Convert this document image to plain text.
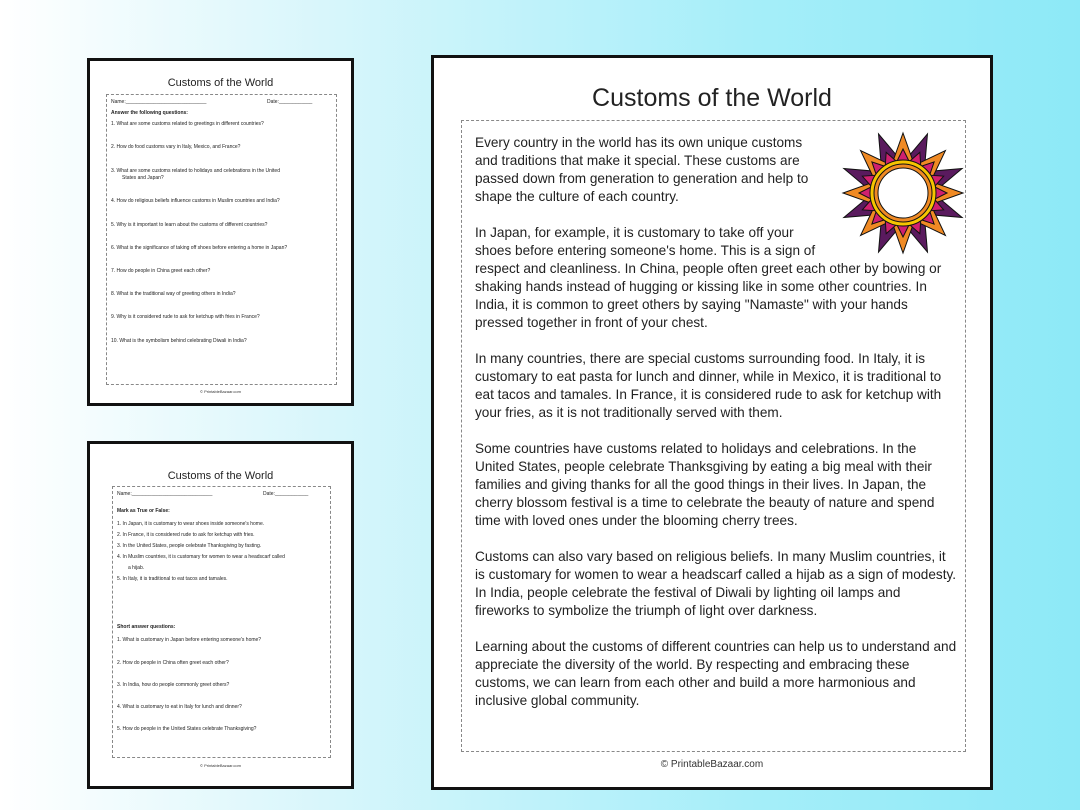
Customs of the World
Name:_____________________________	Date:____________
Answer the following questions:
1. What are some customs related to greetings in different countries?
2. How do food customs vary in Italy, Mexico, and France?
3. What are some customs related to holidays and celebrations in the United
States and Japan?
4. How do religious beliefs influence customs in Muslim countries and India?
5. Why is it important to learn about the customs of different countries?
6. What is the significance of taking off shoes before entering a home in Japan?
7. How do people in China greet each other?
8. What is the traditional way of greeting others in India?
9. Why is it considered rude to ask for ketchup with fries in France?
10. What is the symbolism behind celebrating Diwali in India?
© PrintableBazaar.com
Customs of the World
Name:_____________________________	Date:____________
Mark as True or False:
1. In Japan, it is customary to wear shoes inside someone's home.
2. In France, it is considered rude to ask for ketchup with fries.
3. In the United States, people celebrate Thanksgiving by fasting.
4. In Muslim countries, it is customary for women to wear a headscarf called
a hijab.
5. In Italy, it is traditional to eat tacos and tamales.
Short answer questions:
1. What is customary in Japan before entering someone's home?
2. How do people in China often greet each other?
3. In India, how do people commonly greet others?
4. What is customary to eat in Italy for lunch and dinner?
5. How do people in the United States celebrate Thanksgiving?
© PrintableBazaar.com
Customs of the World

Every country in the world has its own unique customs
and traditions that make it special. These customs are
passed down from generation to generation and help to
shape the culture of each country.

In Japan, for example, it is customary to take off your
shoes before entering someone's home. This is a sign of
respect and cleanliness. In China, people often greet each other by bowing or shaking hands instead of hugging or kissing like in some other countries. In India, it is common to greet others by saying "Namaste" with your hands pressed together in front of your chest.

In many countries, there are special customs surrounding food. In Italy, it is customary to eat pasta for lunch and dinner, while in Mexico, it is traditional to eat tacos and tamales. In France, it is considered rude to ask for ketchup with your fries, as it is not traditionally served with them.

Some countries have customs related to holidays and celebrations. In the United States, people celebrate Thanksgiving by eating a big meal with their families and giving thanks for all the good things in their lives. In Japan, the cherry blossom festival is a time to celebrate the beauty of nature and spend time with loved ones under the blooming cherry trees.

Customs can also vary based on religious beliefs. In many Muslim countries, it is customary for women to wear a headscarf called a hijab as a sign of modesty. In India, people celebrate the festival of Diwali by lighting oil lamps and fireworks to symbolize the triumph of light over darkness.

Learning about the customs of different countries can help us to understand and appreciate the diversity of the world. By respecting and embracing these customs, we can learn from each other and build a more harmonious and inclusive global community.

© PrintableBazaar.com
